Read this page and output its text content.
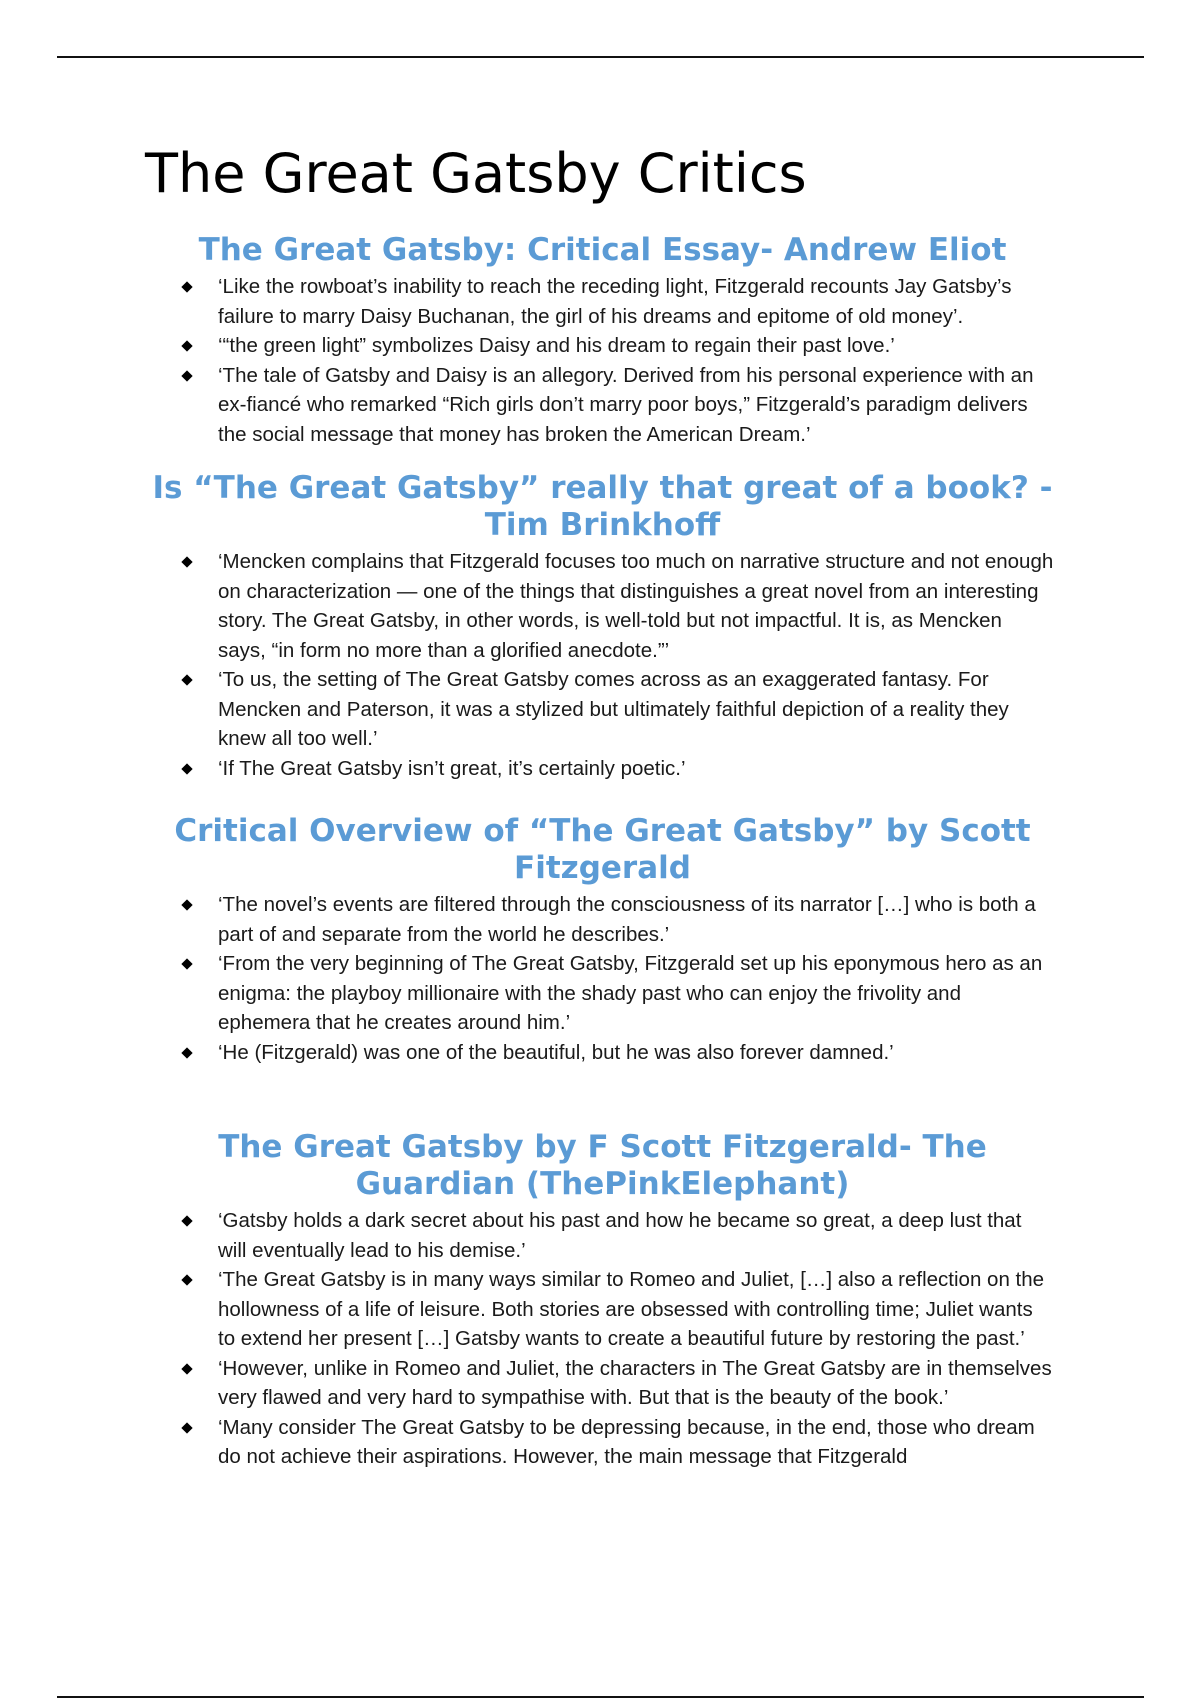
The Great Gatsby Critics
The Great Gatsby: Critical Essay- Andrew Eliot
‘Like the rowboat’s inability to reach the receding light, Fitzgerald recounts Jay Gatsby’s failure to marry Daisy Buchanan, the girl of his dreams and epitome of old money’.
‘“the green light” symbolizes Daisy and his dream to regain their past love.’
‘The tale of Gatsby and Daisy is an allegory. Derived from his personal experience with an ex-fiancé who remarked “Rich girls don’t marry poor boys,” Fitzgerald’s paradigm delivers the social message that money has broken the American Dream.’
Is “The Great Gatsby” really that great of a book? - Tim Brinkhoff
‘Mencken complains that Fitzgerald focuses too much on narrative structure and not enough on characterization — one of the things that distinguishes a great novel from an interesting story. The Great Gatsby, in other words, is well-told but not impactful. It is, as Mencken says, “in form no more than a glorified anecdote.”’
‘To us, the setting of The Great Gatsby comes across as an exaggerated fantasy. For Mencken and Paterson, it was a stylized but ultimately faithful depiction of a reality they knew all too well.’
‘If The Great Gatsby isn’t great, it’s certainly poetic.’
Critical Overview of “The Great Gatsby” by Scott Fitzgerald
‘The novel’s events are filtered through the consciousness of its narrator […] who is both a part of and separate from the world he describes.’
‘From the very beginning of The Great Gatsby, Fitzgerald set up his eponymous hero as an enigma: the playboy millionaire with the shady past who can enjoy the frivolity and ephemera that he creates around him.’
‘He (Fitzgerald) was one of the beautiful, but he was also forever damned.’
The Great Gatsby by F Scott Fitzgerald- The Guardian (ThePinkElephant)
‘Gatsby holds a dark secret about his past and how he became so great, a deep lust that will eventually lead to his demise.’
‘The Great Gatsby is in many ways similar to Romeo and Juliet, […] also a reflection on the hollowness of a life of leisure. Both stories are obsessed with controlling time; Juliet wants to extend her present […] Gatsby wants to create a beautiful future by restoring the past.’
‘However, unlike in Romeo and Juliet, the characters in The Great Gatsby are in themselves very flawed and very hard to sympathise with. But that is the beauty of the book.’
‘Many consider The Great Gatsby to be depressing because, in the end, those who dream do not achieve their aspirations. However, the main message that Fitzgerald
